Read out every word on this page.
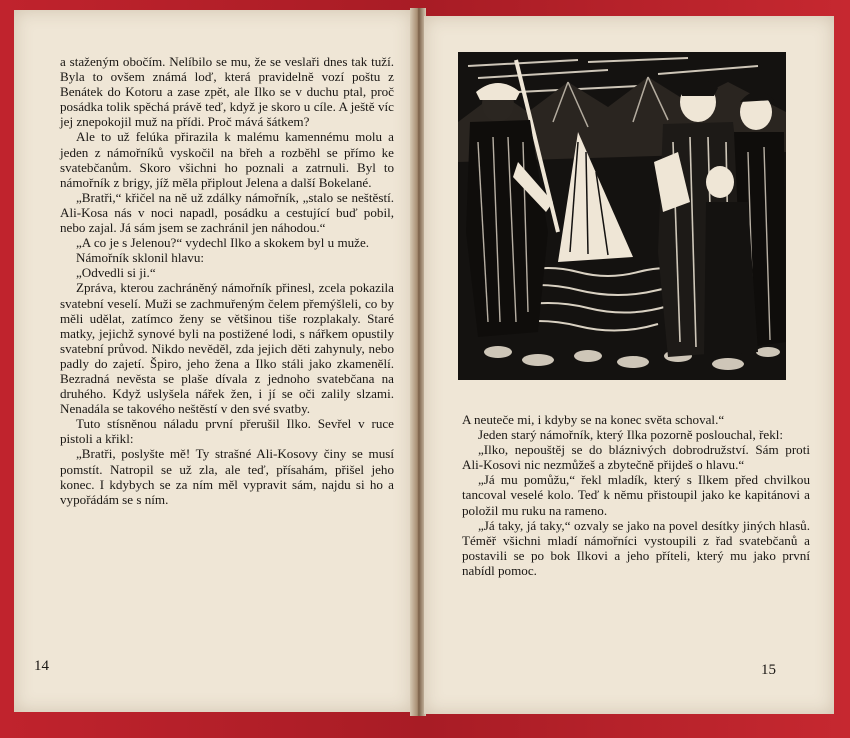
a staženým obočím. Nelíbilo se mu, že se veslaři dnes tak tuží. Byla to ovšem známá loď, která pravidelně vozí poštu z Benátek do Kotoru a zase zpět, ale Ilko se v duchu ptal, proč posádka tolik spěchá právě teď, když je skoro u cíle. A ještě víc jej znepokojil muž na přídi. Proč mává šátkem?

Ale to už felúka přirazila k malému kamennému molu a jeden z námořníků vyskočil na břeh a rozběhl se přímo ke svatebčanům. Skoro všichni ho poznali a zatrnuli. Byl to námořník z brigy, jíž měla připlout Jelena a další Bokelané.

„Bratři,“ křičel na ně už zdálky námořník, „stalo se neštěstí. Ali-Kosa nás v noci napadl, posádku a cestující buď pobil, nebo zajal. Já sám jsem se zachránil jen náhodou.“

„A co je s Jelenou?“ vydechl Ilko a skokem byl u muže.

Námořník sklonil hlavu:

„Odvedli si ji.“

Zpráva, kterou zachráněný námořník přinesl, zcela pokazila svatební veselí. Muži se zachmuřeným čelem přemýšleli, co by měli udělat, zatímco ženy se většinou tiše rozplakaly. Staré matky, jejichž synové byli na postižené lodi, s nářkem opustily svatební průvod. Nikdo nevěděl, zda jejich děti zahynuly, nebo padly do zajetí. Špiro, jeho žena a Ilko stáli jako zkamenělí. Bezradná nevěsta se plaše dívala z jednoho svatebčana na druhého. Když uslyšela nářek žen, i jí se oči zalily slzami. Nenadála se takového neštěstí v den své svatby.

Tuto stísněnou náladu první přerušil Ilko. Sevřel v ruce pistoli a křikl:

„Bratři, poslyšte mě! Ty strašné Ali-Kosovy činy se musí pomstít. Natropil se už zla, ale teď, přísahám, přišel jeho konec. I kdybych se za ním měl vypravit sám, najdu si ho a vypořádám se s ním.

14

A neuteče mi, i kdyby se na konec světa schoval.“

Jeden starý námořník, který Ilka pozorně poslouchal, řekl:

„Ilko, nepouštěj se do bláznivých dobrodružství. Sám proti Ali-Kosovi nic nezmůžeš a zbytečně přijdeš o hlavu.“

„Já mu pomůžu,“ řekl mladík, který s Ilkem před chvilkou tancoval veselé kolo. Teď k němu přistoupil jako ke kapitánovi a položil mu ruku na rameno.

„Já taky, já taky,“ ozvaly se jako na povel desítky jiných hlasů. Téměř všichni mladí námořníci vystoupili z řad svatebčanů a postavili se po bok Ilkovi a jeho příteli, který mu jako první nabídl pomoc.

15
